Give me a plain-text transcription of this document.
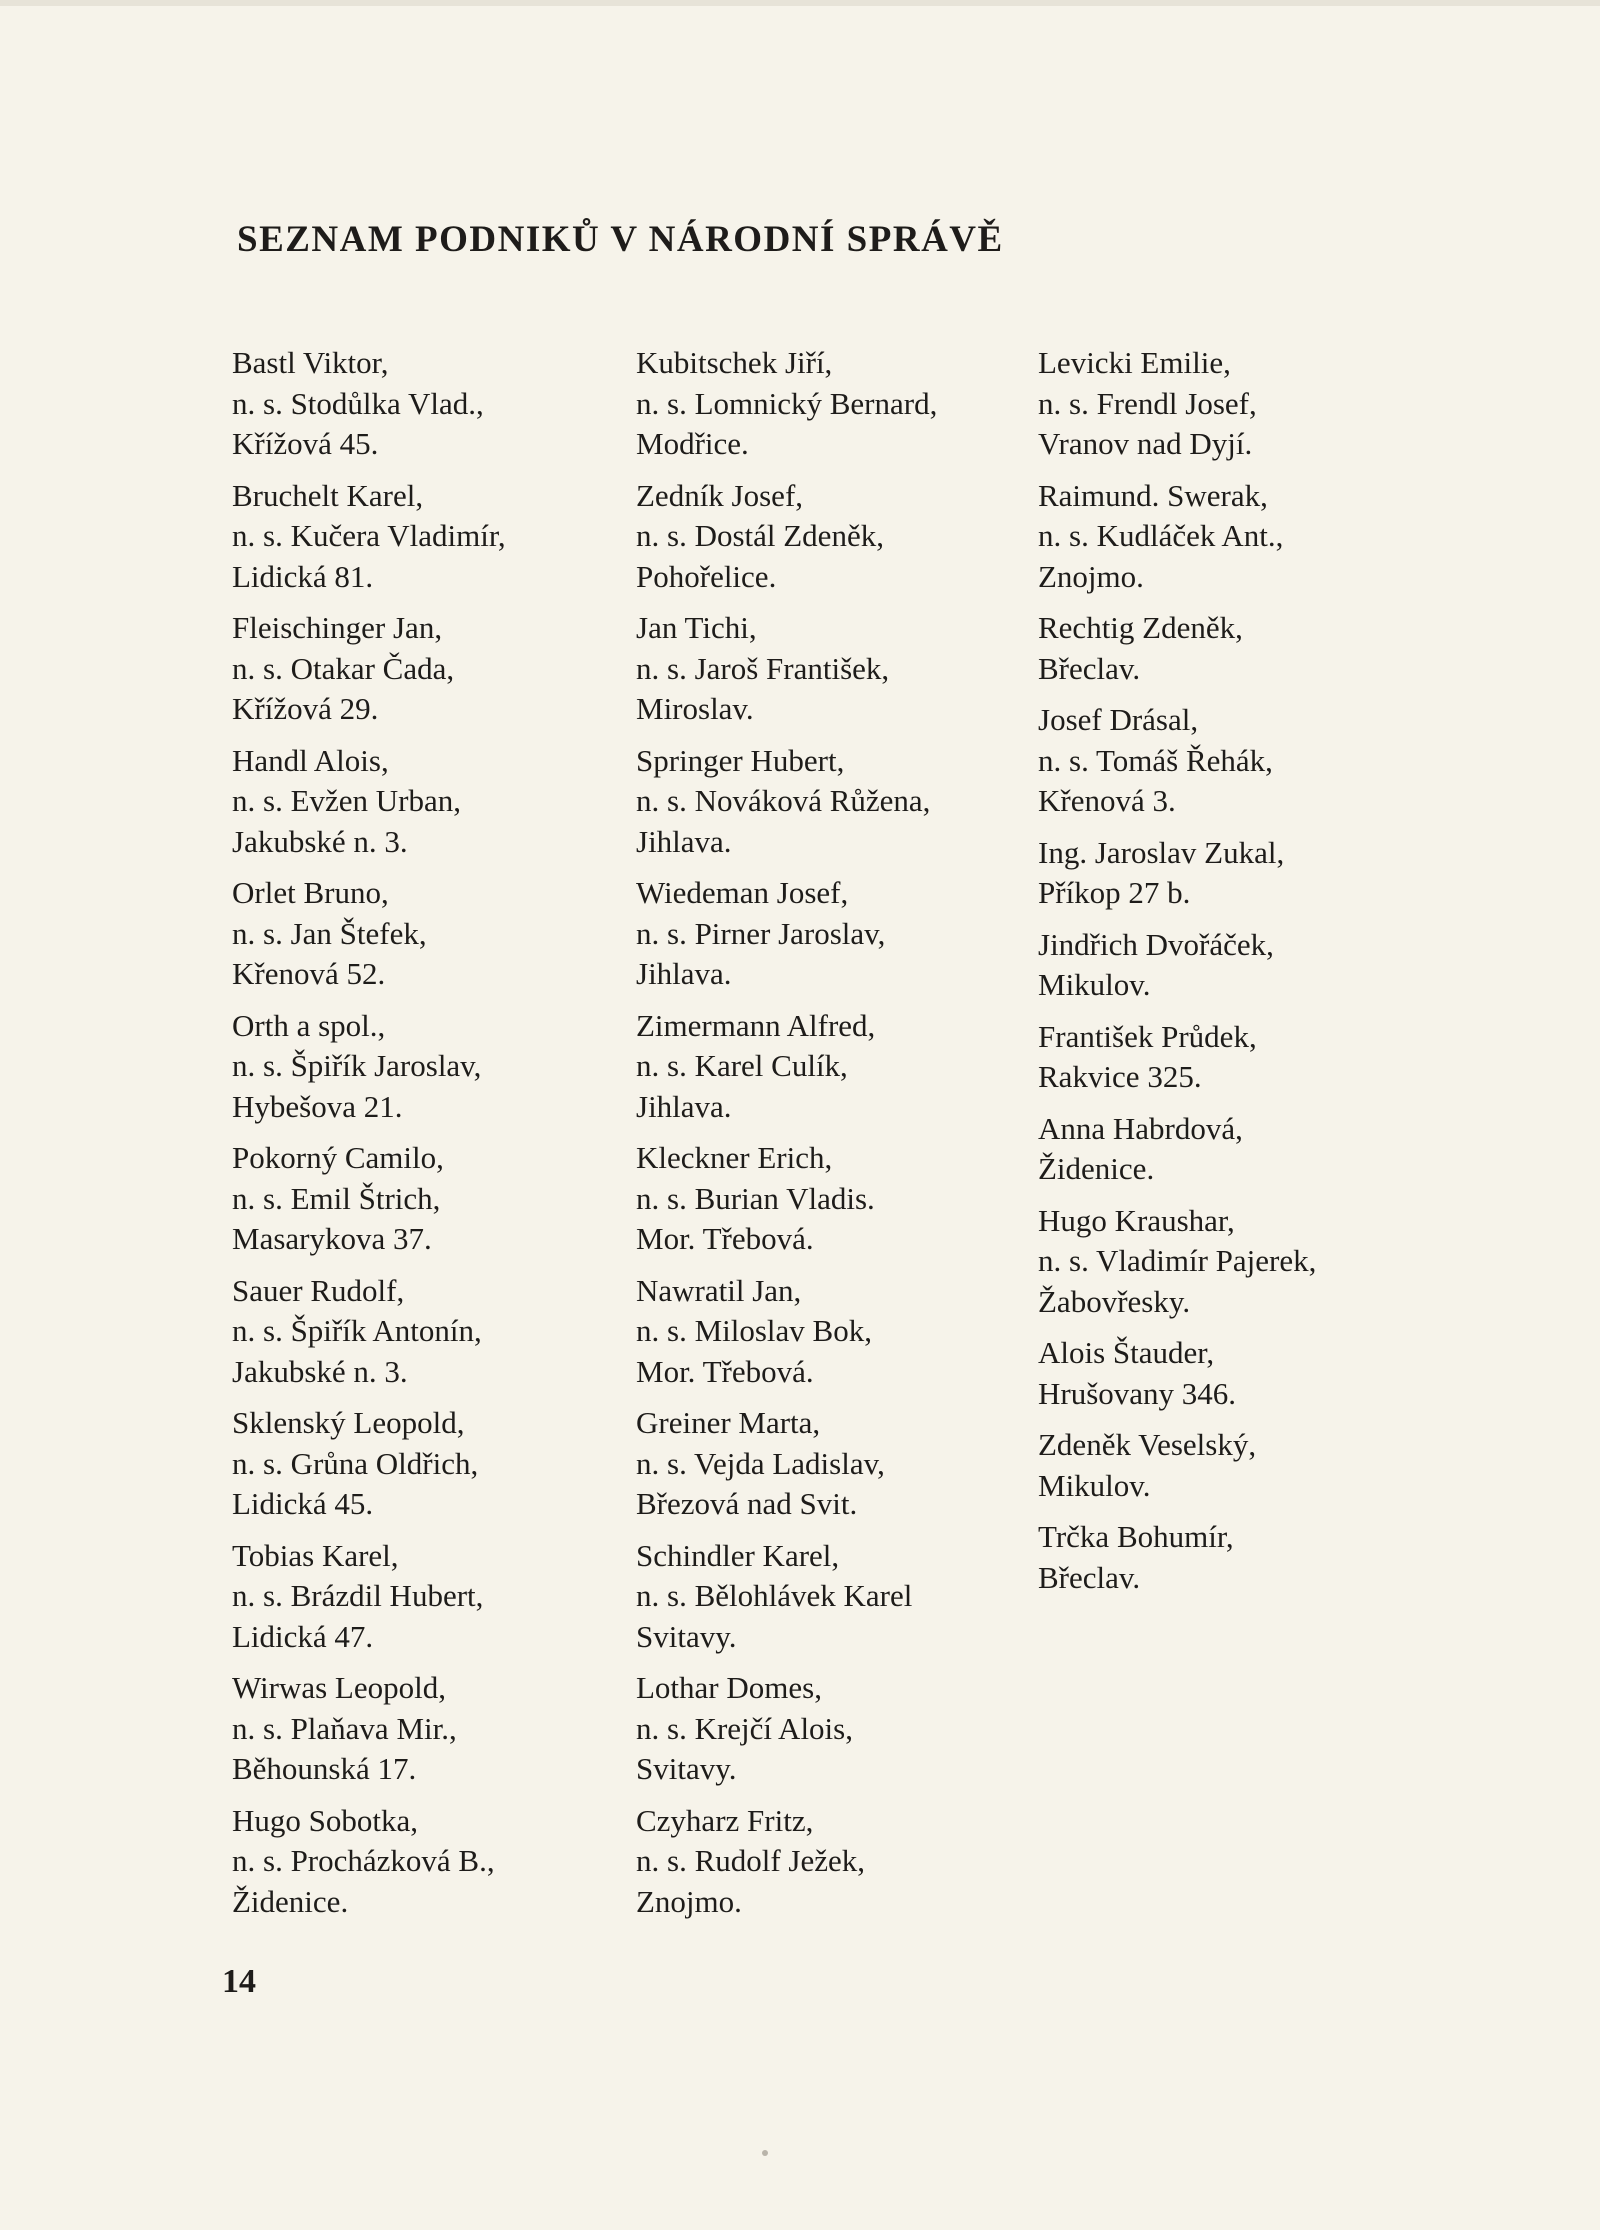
SEZNAM PODNIKŮ V NÁRODNÍ SPRÁVĚ
Bastl Viktor,
n. s. Stodůlka Vlad.,
Křížová 45.
Bruchelt Karel,
n. s. Kučera Vladimír,
Lidická 81.
Fleischinger Jan,
n. s. Otakar Čada,
Křížová 29.
Handl Alois,
n. s. Evžen Urban,
Jakubské n. 3.
Orlet Bruno,
n. s. Jan Štefek,
Křenová 52.
Orth a spol.,
n. s. Špiřík Jaroslav,
Hybešova 21.
Pokorný Camilo,
n. s. Emil Štrich,
Masarykova 37.
Sauer Rudolf,
n. s. Špiřík Antonín,
Jakubské n. 3.
Sklenský Leopold,
n. s. Grůna Oldřich,
Lidická 45.
Tobias Karel,
n. s. Brázdil Hubert,
Lidická 47.
Wirwas Leopold,
n. s. Plaňava Mir.,
Běhounská 17.
Hugo Sobotka,
n. s. Procházková B.,
Židenice.
Kubitschek Jiří,
n. s. Lomnický Bernard,
Modřice.
Zedník Josef,
n. s. Dostál Zdeněk,
Pohořelice.
Jan Tichi,
n. s. Jaroš František,
Miroslav.
Springer Hubert,
n. s. Nováková Růžena,
Jihlava.
Wiedeman Josef,
n. s. Pirner Jaroslav,
Jihlava.
Zimermann Alfred,
n. s. Karel Culík,
Jihlava.
Kleckner Erich,
n. s. Burian Vladis.
Mor. Třebová.
Nawratil Jan,
n. s. Miloslav Bok,
Mor. Třebová.
Greiner Marta,
n. s. Vejda Ladislav,
Březová nad Svit.
Schindler Karel,
n. s. Bělohlávek Karel
Svitavy.
Lothar Domes,
n. s. Krejčí Alois,
Svitavy.
Czyharz Fritz,
n. s. Rudolf Ježek,
Znojmo.
Levicki Emilie,
n. s. Frendl Josef,
Vranov nad Dyjí.
Raimund. Swerak,
n. s. Kudláček Ant.,
Znojmo.
Rechtig Zdeněk,
Břeclav.
Josef Drásal,
n. s. Tomáš Řehák,
Křenová 3.
Ing. Jaroslav Zukal,
Příkop 27 b.
Jindřich Dvořáček,
Mikulov.
František Průdek,
Rakvice 325.
Anna Habrdová,
Židenice.
Hugo Kraushar,
n. s. Vladimír Pajerek,
Žabovřesky.
Alois Štauder,
Hrušovany 346.
Zdeněk Veselský,
Mikulov.
Trčka Bohumír,
Břeclav.
14
